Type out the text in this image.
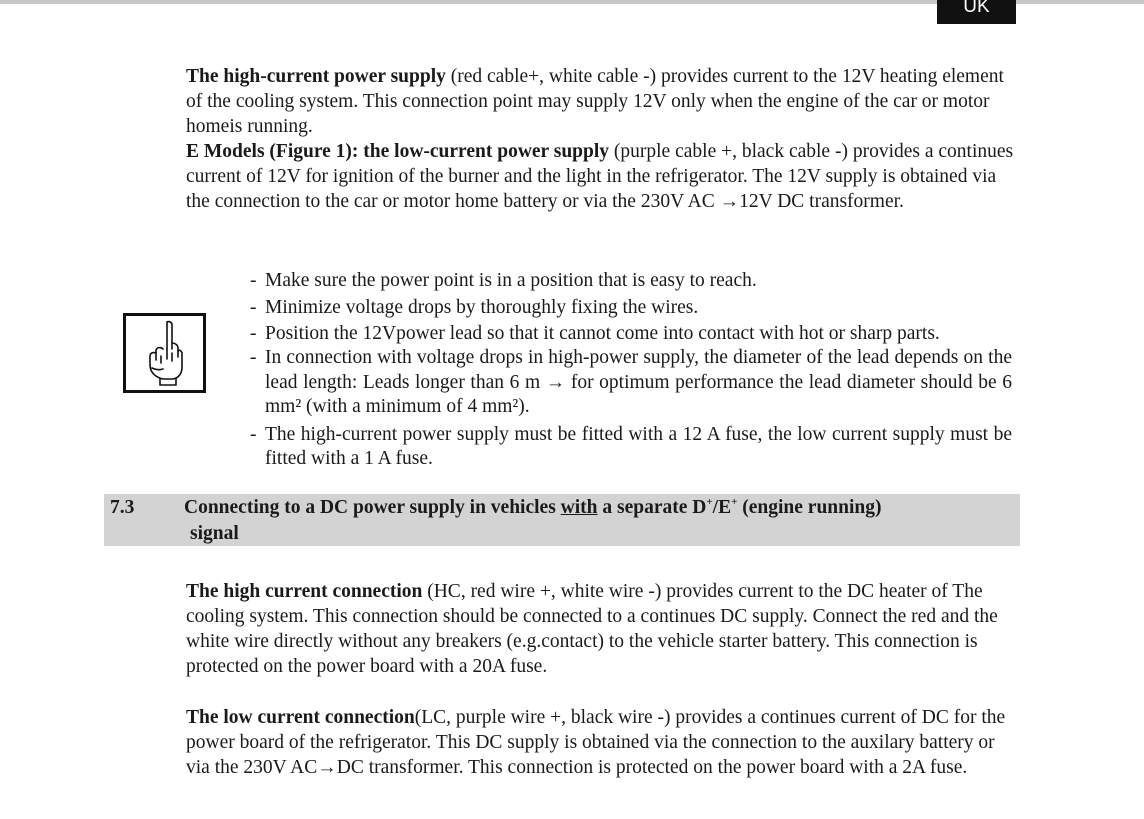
UK

The high-current power supply (red cable+, white cable -) provides current to the 12V heating element of the cooling system. This connection point may supply 12V only when the engine of the car or motor homeis running.

E Models (Figure 1): the low-current power supply (purple cable +, black cable -) provides a continues current of 12V for ignition of the burner and the light in the refrigerator. The 12V supply is obtained via the connection to the car or motor home battery or via the 230V AC →12V DC transformer.

- Make sure the power point is in a position that is easy to reach.
- Minimize voltage drops by thoroughly fixing the wires.
- Position the 12Vpower lead so that it cannot come into contact with hot or sharp parts.
- In connection with voltage drops in high-power supply, the diameter of the lead depends on the lead length: Leads longer than 6 m → for optimum performance the lead diameter should be 6 mm² (with a minimum of 4 mm²).
- The high-current power supply must be fitted with a 12 A fuse, the low current supply must be fitted with a 1 A fuse.
7.3	Connecting to a DC power supply in vehicles with a separate D+/E+ (engine running)
signal

The high current connection (HC, red wire +, white wire -) provides current to the DC heater of The cooling system. This connection should be connected to a continues DC supply. Connect the red and the white wire directly without any breakers (e.g.contact) to the vehicle starter battery. This connection is protected on the power board with a 20A fuse.

The low current connection(LC, purple wire +, black wire -) provides a continues current of DC for the power board of the refrigerator. This DC supply is obtained via the connection to the auxilary battery or via the 230V AC→DC transformer. This connection is protected on the power board with a 2A fuse.
